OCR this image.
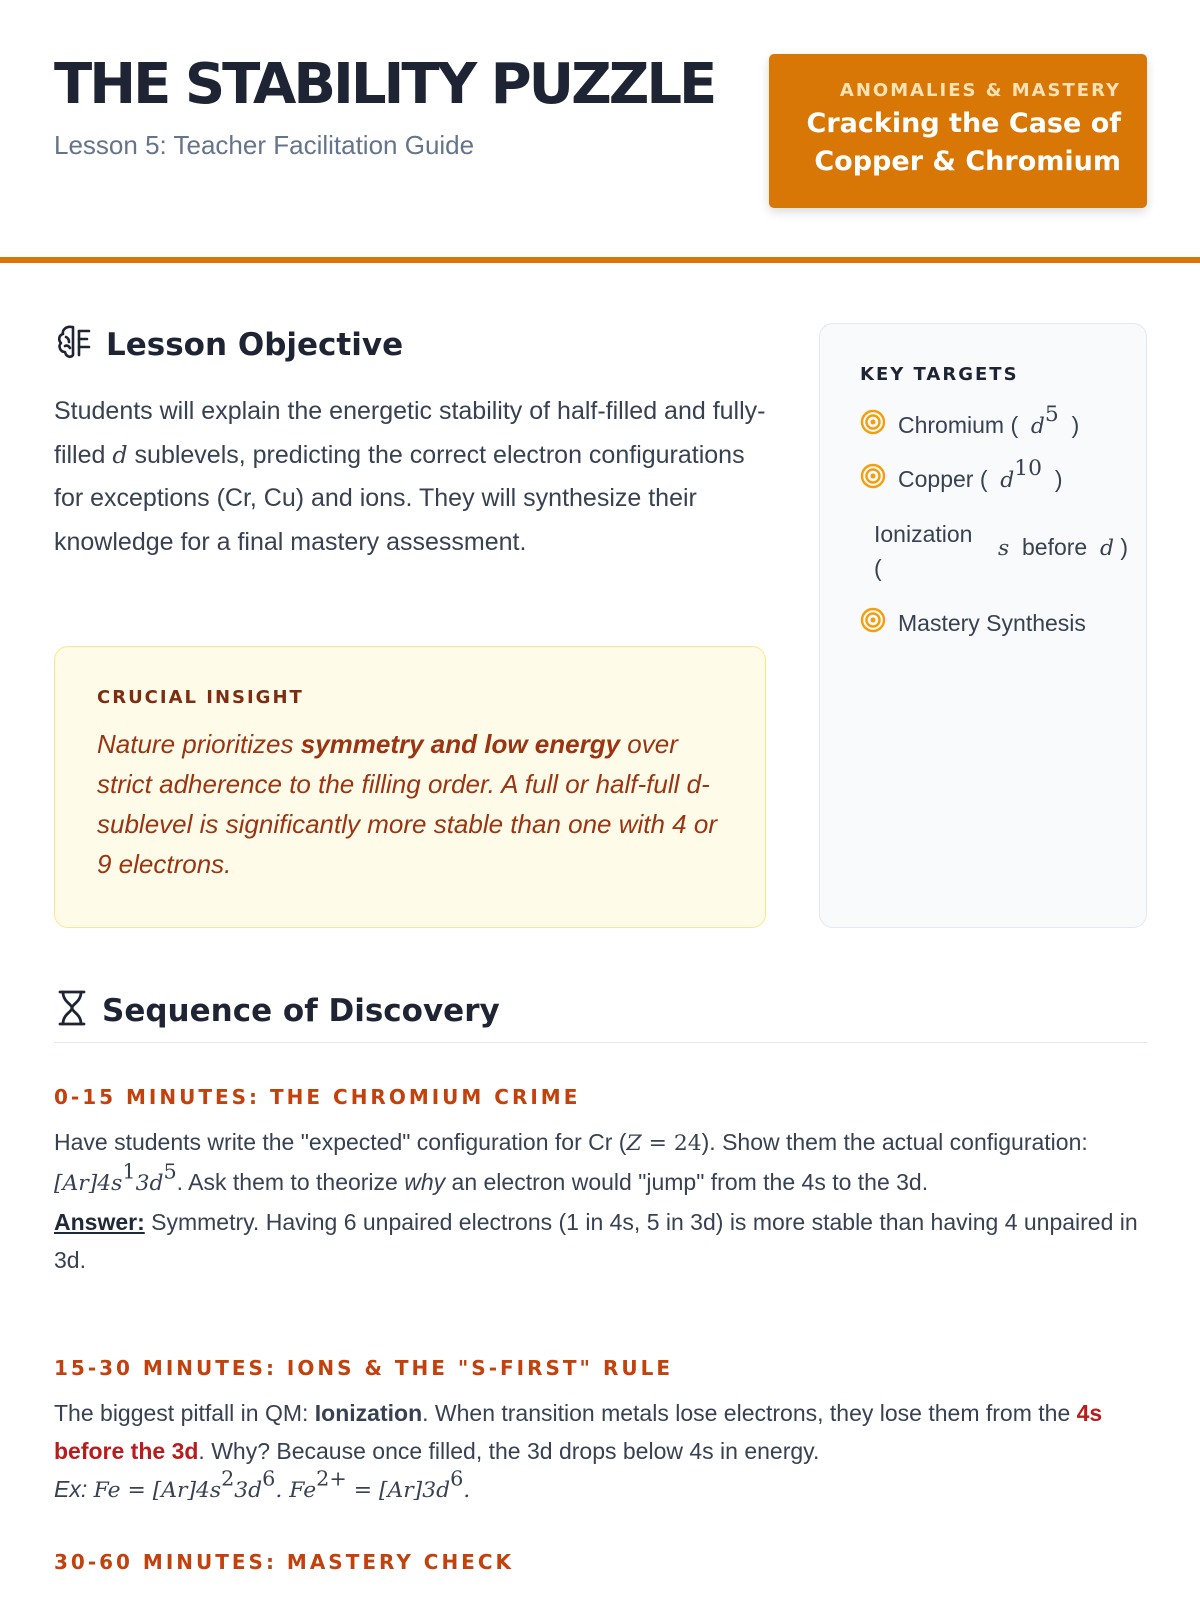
THE STABILITY PUZZLE
Lesson 5: Teacher Facilitation Guide
ANOMALIES & MASTERY
Cracking the Case of
Copper & Chromium
Lesson Objective

Students will explain the energetic stability of half-filled and fully-filled d sublevels, predicting the correct electron configurations for exceptions (Cr, Cu) and ions. They will synthesize their knowledge for a final mastery assessment.

CRUCIAL INSIGHT

Nature prioritizes symmetry and low energy over strict adherence to the filling order. A full or half-full d-sublevel is significantly more stable than one with 4 or 9 electrons.

KEY TARGETS
Chromium ( $d^5$ )
Copper ( $d^{10}$ )
Ionization (
s before d )
Mastery Synthesis
Sequence of Discovery
0-15 MINUTES: THE CHROMIUM CRIME

Have students write the "expected" configuration for Cr (Z = 24). Show them the actual configuration: $[Ar]4s^13d^5$. Ask them to theorize why an electron would "jump" from the 4s to the 3d.
Answer: Symmetry. Having 6 unpaired electrons (1 in 4s, 5 in 3d) is more stable than having 4 unpaired in 3d.

15-30 MINUTES: IONS & THE "S-FIRST" RULE

The biggest pitfall in QM: Ionization. When transition metals lose electrons, they lose them from the 4s before the 3d. Why? Because once filled, the 3d drops below 4s in energy.
Ex: $Fe = [Ar]4s^23d^6$. $Fe^{2+} = [Ar]3d^6$.

30-60 MINUTES: MASTERY CHECK
